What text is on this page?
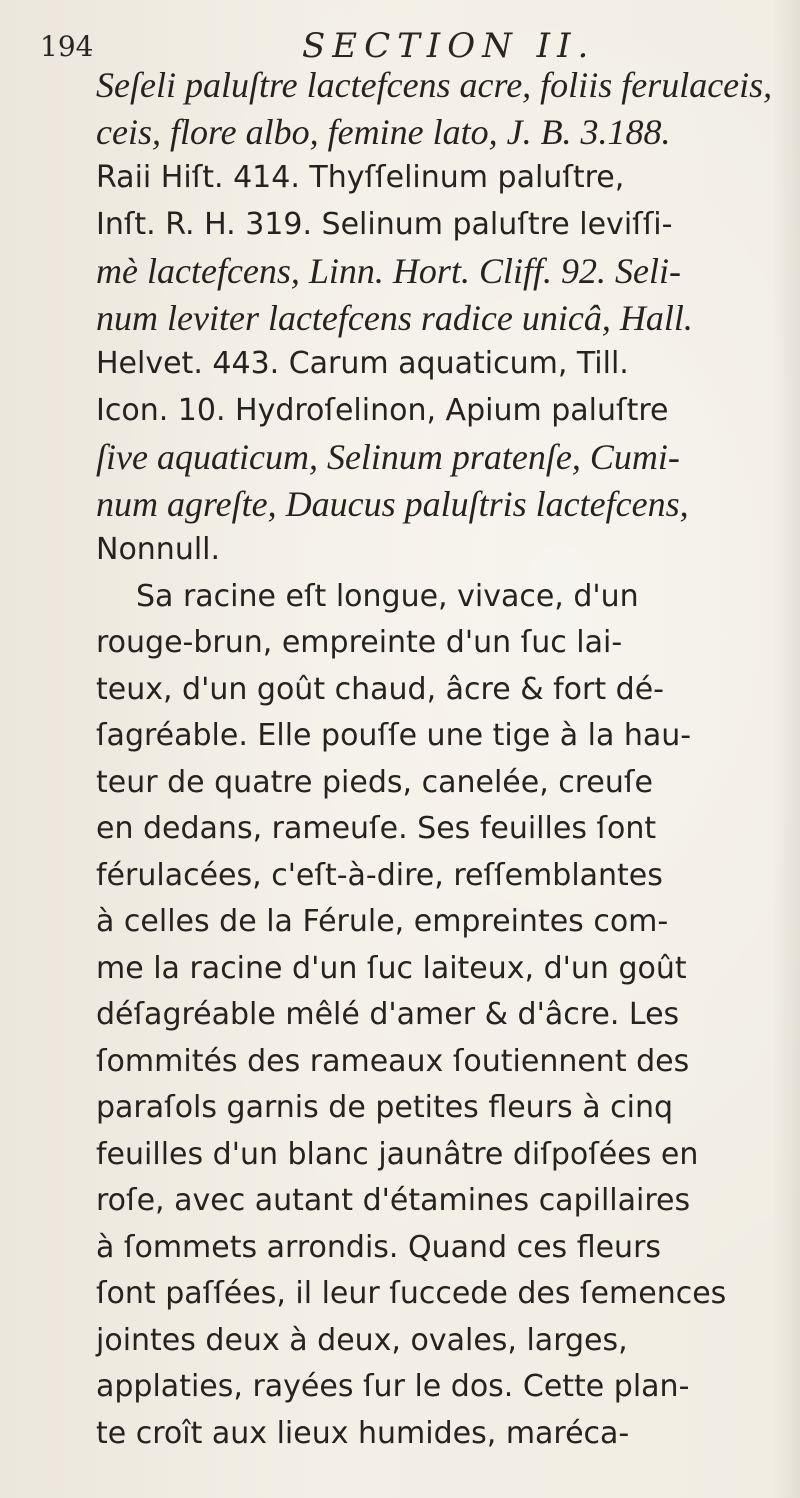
194	SECTION II.
Seſeli paluſtre lactefcens acre, foliis ferulaceis,
ceis, flore albo, femine lato, J. B. 3.188.
Raii Hiſt. 414. Thyſſelinum paluſtre,
Inſt. R. H. 319. Selinum paluſtre leviſſi-
mè lactefcens, Linn. Hort. Cliff. 92. Seli-
num leviter lactefcens radice unicâ, Hall.
Helvet. 443. Carum aquaticum, Till.
Icon. 10. Hydroſelinon, Apium paluſtre
ſive aquaticum, Selinum pratenſe, Cumi-
num agreſte, Daucus paluſtris lactefcens,
Nonnull.
Sa racine eſt longue, vivace, d'un
rouge-brun, empreinte d'un ſuc lai-
teux, d'un goût chaud, âcre & fort dé-
ſagréable. Elle pouſſe une tige à la hau-
teur de quatre pieds, canelée, creuſe
en dedans, rameuſe. Ses feuilles ſont
férulacées, c'eſt-à-dire, reſſemblantes
à celles de la Férule, empreintes com-
me la racine d'un ſuc laiteux, d'un goût
déſagréable mêlé d'amer & d'âcre. Les
ſommités des rameaux ſoutiennent des
paraſols garnis de petites fleurs à cinq
feuilles d'un blanc jaunâtre diſpoſées en
roſe, avec autant d'étamines capillaires
à ſommets arrondis. Quand ces fleurs
ſont paſſées, il leur ſuccede des ſemences
jointes deux à deux, ovales, larges,
applaties, rayées ſur le dos. Cette plan-
te croît aux lieux humides, maréca-
